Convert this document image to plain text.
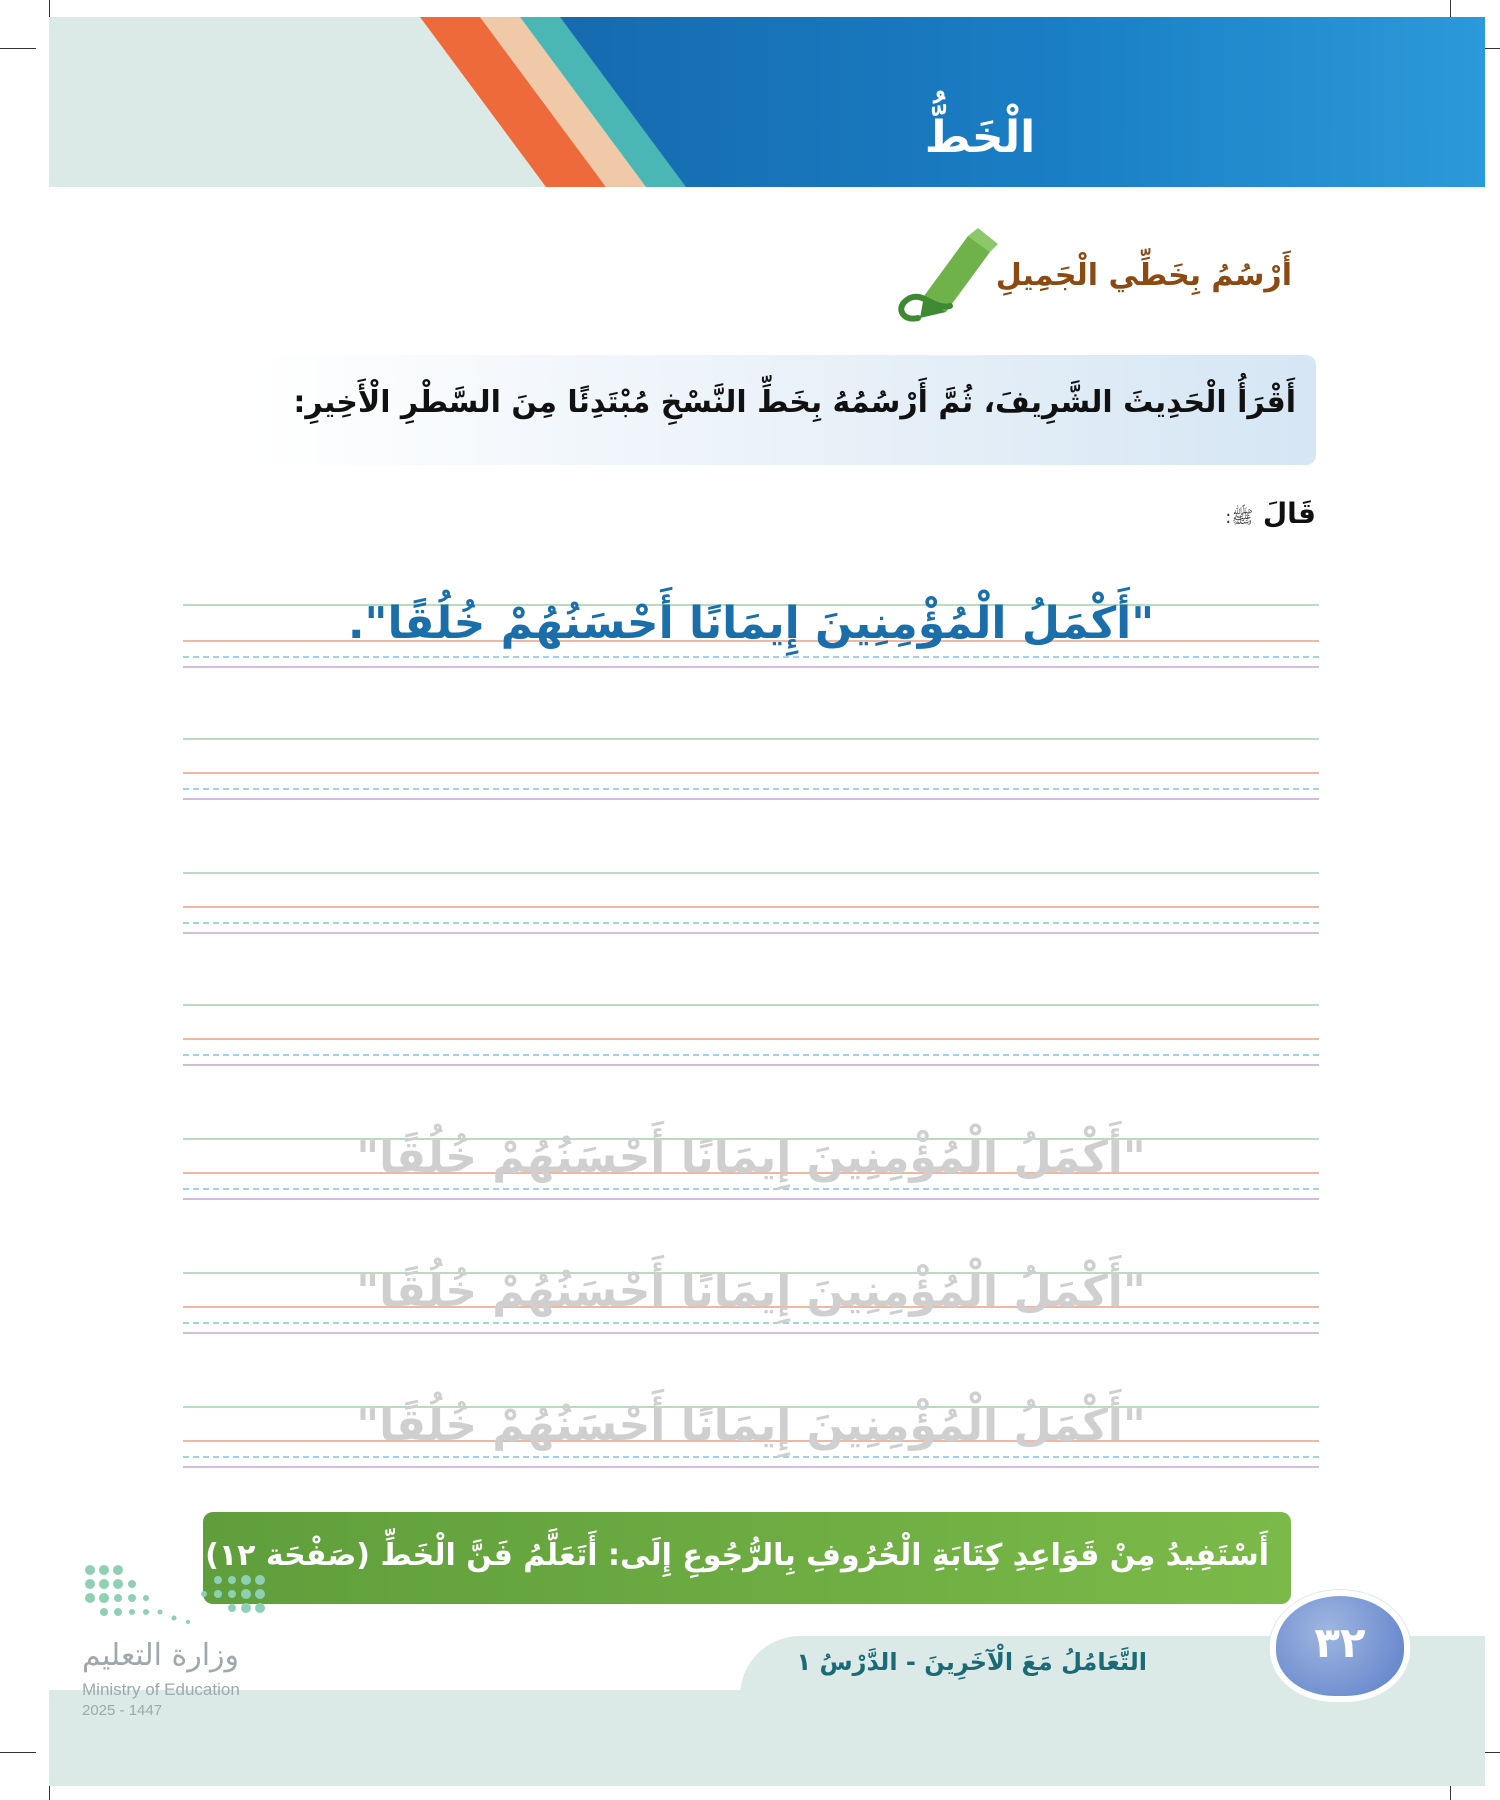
الْخَطُّ
أَرْسُمُ بِخَطِّي الْجَمِيلِ
أَقْرَأُ الْحَدِيثَ الشَّرِيفَ، ثُمَّ أَرْسُمُهُ بِخَطِّ النَّسْخِ مُبْتَدِئًا مِنَ السَّطْرِ الْأَخِيرِ:
قَالَ ﷺ:
"أَكْمَلُ الْمُؤْمِنِينَ إِيمَانًا أَحْسَنُهُمْ خُلُقًا".
"أَكْمَلُ الْمُؤْمِنِينَ إِيمَانًا أَحْسَنُهُمْ خُلُقًا"
"أَكْمَلُ الْمُؤْمِنِينَ إِيمَانًا أَحْسَنُهُمْ خُلُقًا"
"أَكْمَلُ الْمُؤْمِنِينَ إِيمَانًا أَحْسَنُهُمْ خُلُقًا"
أَسْتَفِيدُ مِنْ قَوَاعِدِ كِتَابَةِ الْحُرُوفِ بِالرُّجُوعِ إِلَى: أَتَعَلَّمُ فَنَّ الْخَطِّ (صَفْحَة ١٢)
التَّعَامُلُ مَعَ الْآخَرِينَ - الدَّرْسُ ١	٣٢
وزارة التعليم
Ministry of Education
2025 - 1447
